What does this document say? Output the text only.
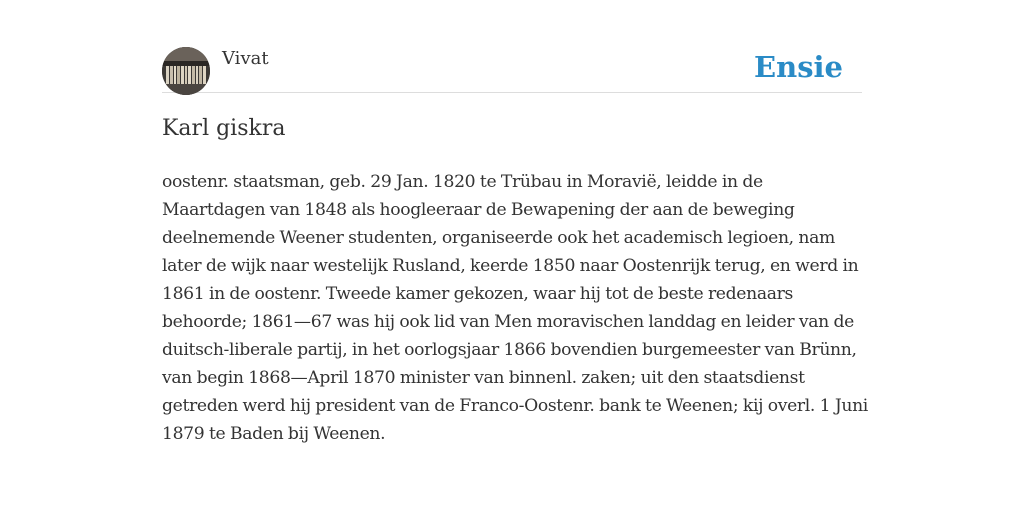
Vivat	Ensie
Karl giskra

oostenr. staatsman, geb. 29 Jan. 1820 te Trübau in Moravië, leidde in de Maartdagen van 1848 als hoogleeraar de Bewapening der aan de beweging deelnemende Weener studenten, organiseerde ook het academisch legioen, nam later de wijk naar westelijk Rusland, keerde 1850 naar Oostenrijk terug, en werd in 1861 in de oostenr. Tweede kamer gekozen, waar hij tot de beste redenaars behoorde; 1861—67 was hij ook lid van Men moravischen landdag en leider van de duitsch-liberale partij, in het oorlogsjaar 1866 bovendien burgemeester van Brünn, van begin 1868—April 1870 minister van binnenl. zaken; uit den staatsdienst getreden werd hij president van de Franco-Oostenr. bank te Weenen; kij overl. 1 Juni 1879 te Baden bij Weenen.
